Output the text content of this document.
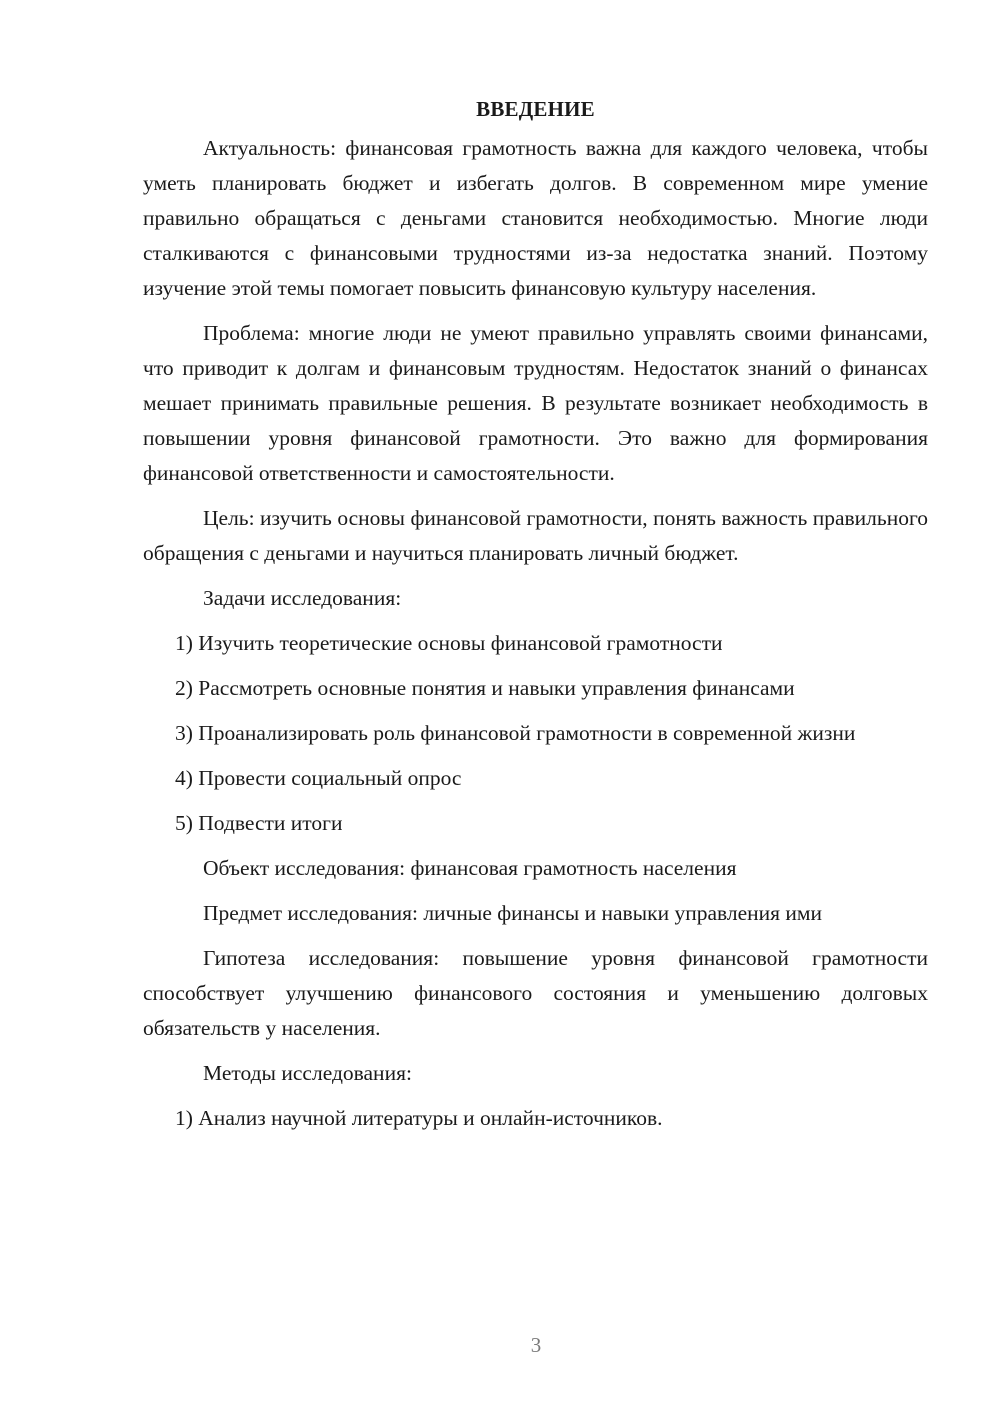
ВВЕДЕНИЕ

Актуальность: финансовая грамотность важна для каждого человека, чтобы уметь планировать бюджет и избегать долгов. В современном мире умение правильно обращаться с деньгами становится необходимостью. Многие люди сталкиваются с финансовыми трудностями из-за недостатка знаний. Поэтому изучение этой темы помогает повысить финансовую культуру населения.

Проблема: многие люди не умеют правильно управлять своими финансами, что приводит к долгам и финансовым трудностям. Недостаток знаний о финансах мешает принимать правильные решения. В результате возникает необходимость в повышении уровня финансовой грамотности. Это важно для формирования финансовой ответственности и самостоятельности.

Цель: изучить основы финансовой грамотности, понять важность правильного обращения с деньгами и научиться планировать личный бюджет.

Задачи исследования:
1) Изучить теоретические основы финансовой грамотности
2) Рассмотреть основные понятия и навыки управления финансами
3) Проанализировать роль финансовой грамотности в современной жизни
4) Провести социальный опрос
5) Подвести итоги
Объект исследования: финансовая грамотность населения
Предмет исследования: личные финансы и навыки управления ими

Гипотеза исследования: повышение уровня финансовой грамотности способствует улучшению финансового состояния и уменьшению долговых обязательств у населения.

Методы исследования:
1) Анализ научной литературы и онлайн-источников.
3
